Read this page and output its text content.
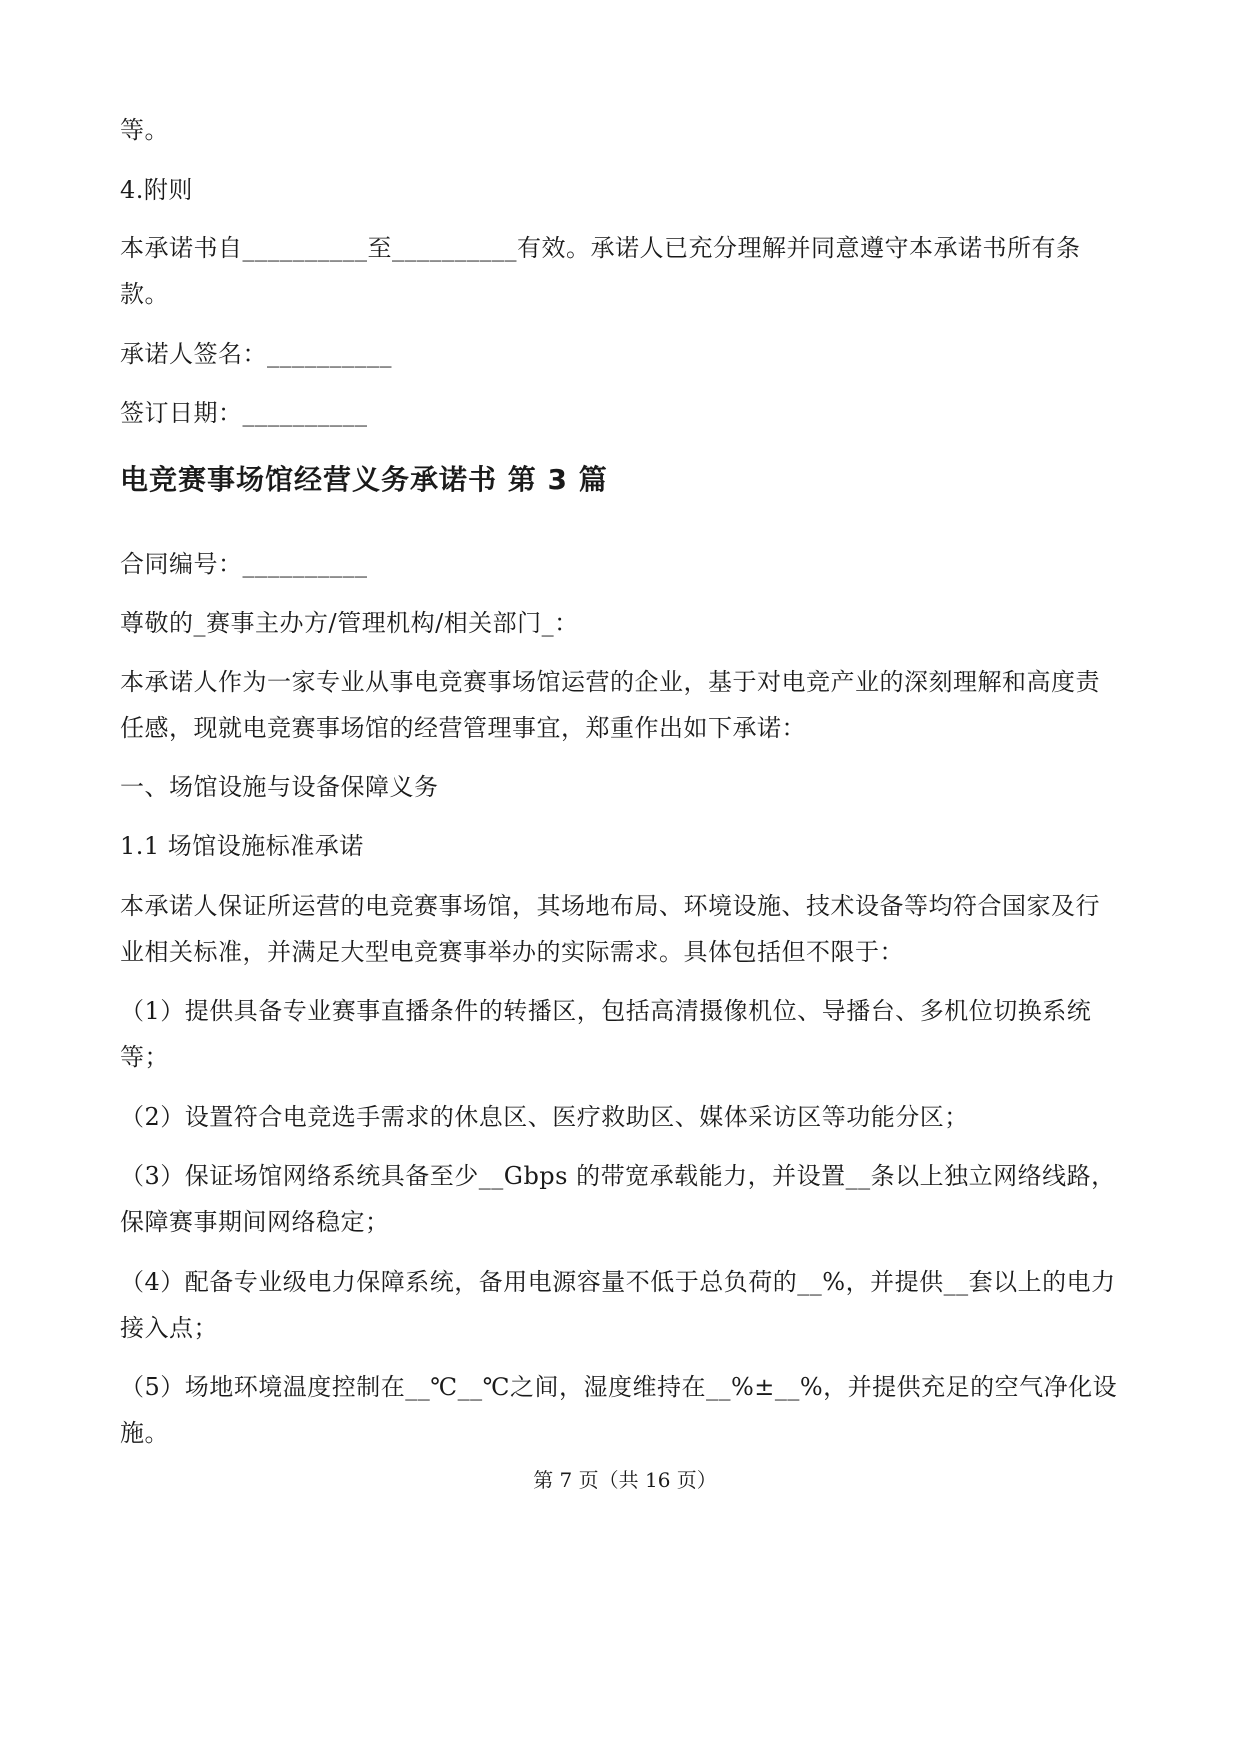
等。
4.附则
本承诺书自__________至__________有效。承诺人已充分理解并同意遵守本承诺书所有条
款。
承诺人签名：__________
签订日期：__________
电竞赛事场馆经营义务承诺书 第 3 篇
合同编号：__________
尊敬的_赛事主办方/管理机构/相关部门_：
本承诺人作为一家专业从事电竞赛事场馆运营的企业，基于对电竞产业的深刻理解和高度责
任感，现就电竞赛事场馆的经营管理事宜，郑重作出如下承诺：
一、场馆设施与设备保障义务
1.1 场馆设施标准承诺
本承诺人保证所运营的电竞赛事场馆，其场地布局、环境设施、技术设备等均符合国家及行
业相关标准，并满足大型电竞赛事举办的实际需求。具体包括但不限于：
（1）提供具备专业赛事直播条件的转播区，包括高清摄像机位、导播台、多机位切换系统
等；
（2）设置符合电竞选手需求的休息区、医疗救助区、媒体采访区等功能分区；
（3）保证场馆网络系统具备至少__Gbps 的带宽承载能力，并设置__条以上独立网络线路，
保障赛事期间网络稳定；
（4）配备专业级电力保障系统，备用电源容量不低于总负荷的__%，并提供__套以上的电力
接入点；
（5）场地环境温度控制在__℃__℃之间，湿度维持在__%±__%，并提供充足的空气净化设
施。
第 7 页（共 16 页）
